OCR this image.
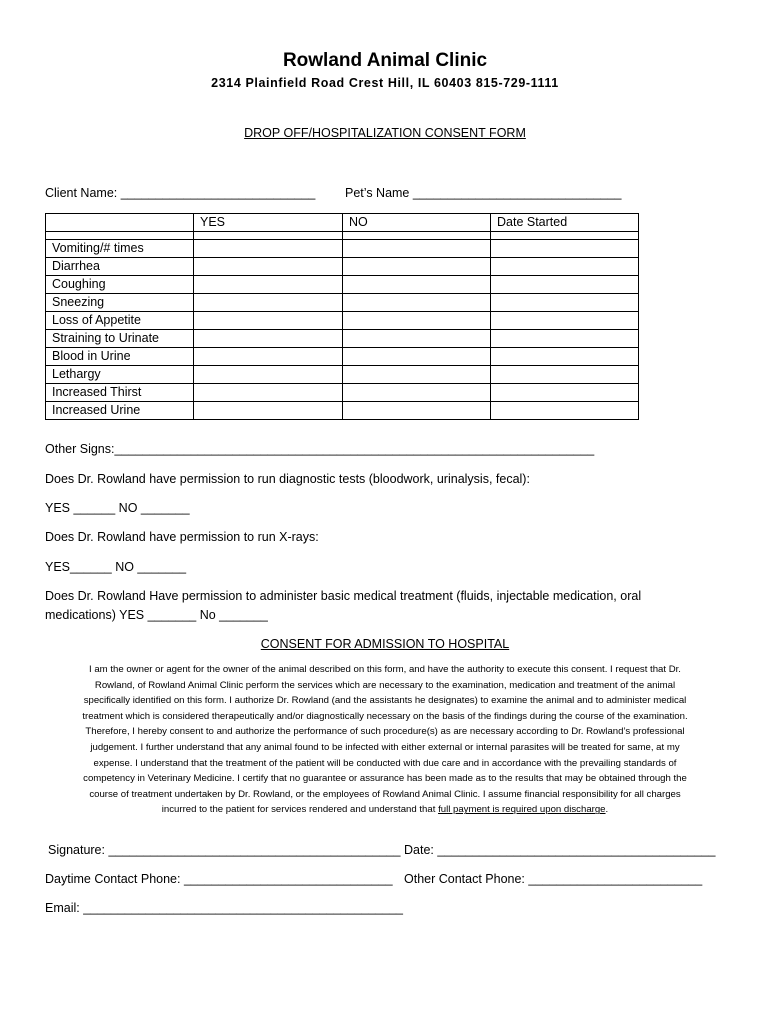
Rowland Animal Clinic
2314 Plainfield Road Crest Hill, IL 60403 815-729-1111
DROP OFF/HOSPITALIZATION CONSENT FORM
Client Name: ____________________________ Pet’s Name ______________________________
	YES	NO	Date Started

Vomiting/# times			
Diarrhea			
Coughing			
Sneezing			
Loss of Appetite			
Straining to Urinate			
Blood in Urine			
Lethargy			
Increased Thirst			
Increased Urine			
Other Signs:_____________________________________________________________________
Does Dr. Rowland have permission to run diagnostic tests (bloodwork, urinalysis, fecal):
YES ______ NO _______
Does Dr. Rowland have permission to run X-rays:
YES______ NO _______
Does Dr. Rowland Have permission to administer basic medical treatment (fluids, injectable medication, oral
medications) YES _______ No _______
CONSENT FOR ADMISSION TO HOSPITAL
I am the owner or agent for the owner of the animal described on this form, and have the authority to execute this consent. I request that Dr.
Rowland, of Rowland Animal Clinic perform the services which are necessary to the examination, medication and treatment of the animal
specifically identified on this form. I authorize Dr. Rowland (and the assistants he designates) to examine the animal and to administer medical
treatment which is considered therapeutically and/or diagnostically necessary on the basis of the findings during the course of the examination.
Therefore, I hereby consent to and authorize the performance of such procedure(s) as are necessary according to Dr. Rowland’s professional
judgement. I further understand that any animal found to be infected with either external or internal parasites will be treated for same, at my
expense. I understand that the treatment of the patient will be conducted with due care and in accordance with the prevailing standards of
competency in Veterinary Medicine. I certify that no guarantee or assurance has been made as to the results that may be obtained through the
course of treatment undertaken by Dr. Rowland, or the employees of Rowland Animal Clinic. I assume financial responsibility for all charges
incurred to the patient for services rendered and understand that full payment is required upon discharge.
Signature: __________________________________________ Date: ________________________________________
Daytime Contact Phone: ______________________________ Other Contact Phone: _________________________
Email: ______________________________________________
